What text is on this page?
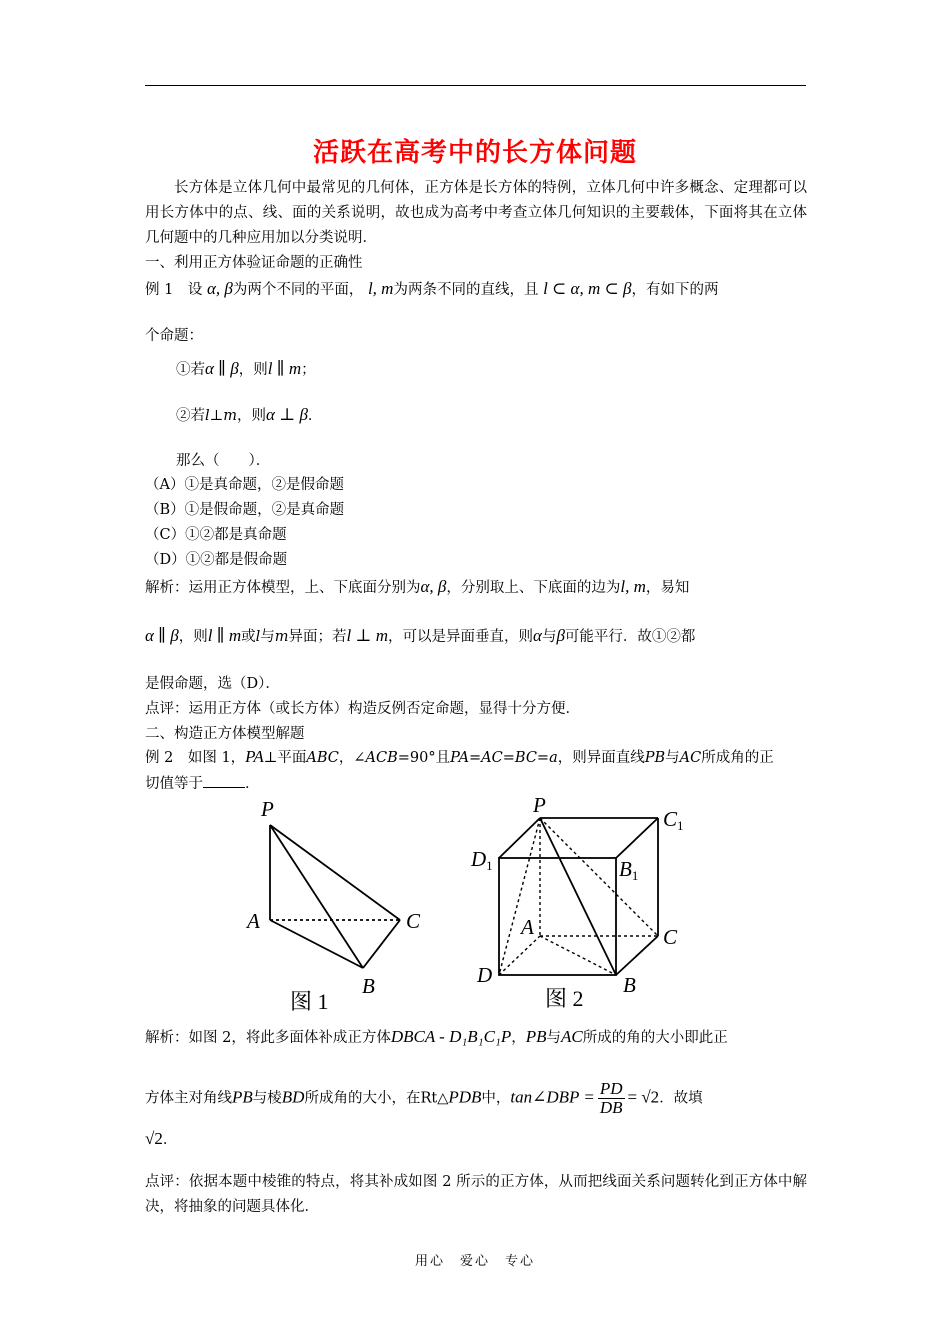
活跃在高考中的长方体问题
长方体是立体几何中最常见的几何体，正方体是长方体的特例，立体几何中许多概念、定理都可以用长方体中的点、线、面的关系说明，故也成为高考中考查立体几何知识的主要载体，下面将其在立体几何题中的几种应用加以分类说明．
一、利用正方体验证命题的正确性
例 1　设 α, β为两个不同的平面， l, m为两条不同的直线，且 l ⊂ α, m ⊂ β，有如下的两
个命题：
①若α ∥ β，则l ∥ m；
②若l⊥m，则α ⊥ β．
那么（　　）．
（A）①是真命题，②是假命题
（B）①是假命题，②是真命题
（C）①②都是真命题
（D）①②都是假命题
解析：运用正方体模型，上、下底面分别为α, β，分别取上、下底面的边为l, m，易知
α ∥ β，则l ∥ m或l与m异面；若l ⊥ m，可以是异面垂直，则α与β可能平行．故①②都
是假命题，选（D）．
点评：运用正方体（或长方体）构造反例否定命题，显得十分方便．
二、构造正方体模型解题
例 2　如图 1，PA⊥平面ABC，∠ACB=90°且PA=AC=BC=a，则异面直线PB与AC所成角的正
切值等于	．
P
A	C
B
图 1
P
C1
D1	B1
A	C
D	B
图 2
解析：如图 2，将此多面体补成正方体DBCA - D₁B₁C₁P，PB与AC所成的角的大小即此正
方体主对角线PB与棱BD所成角的大小，在Rt△PDB中，tan∠DBP = $\frac{PD}{DB} = √2$．故填
√2．
点评：依据本题中棱锥的特点，将其补成如图 2 所示的正方体，从而把线面关系问题转化到正方体中解决，将抽象的问题具体化．
用心　爱心　专心
